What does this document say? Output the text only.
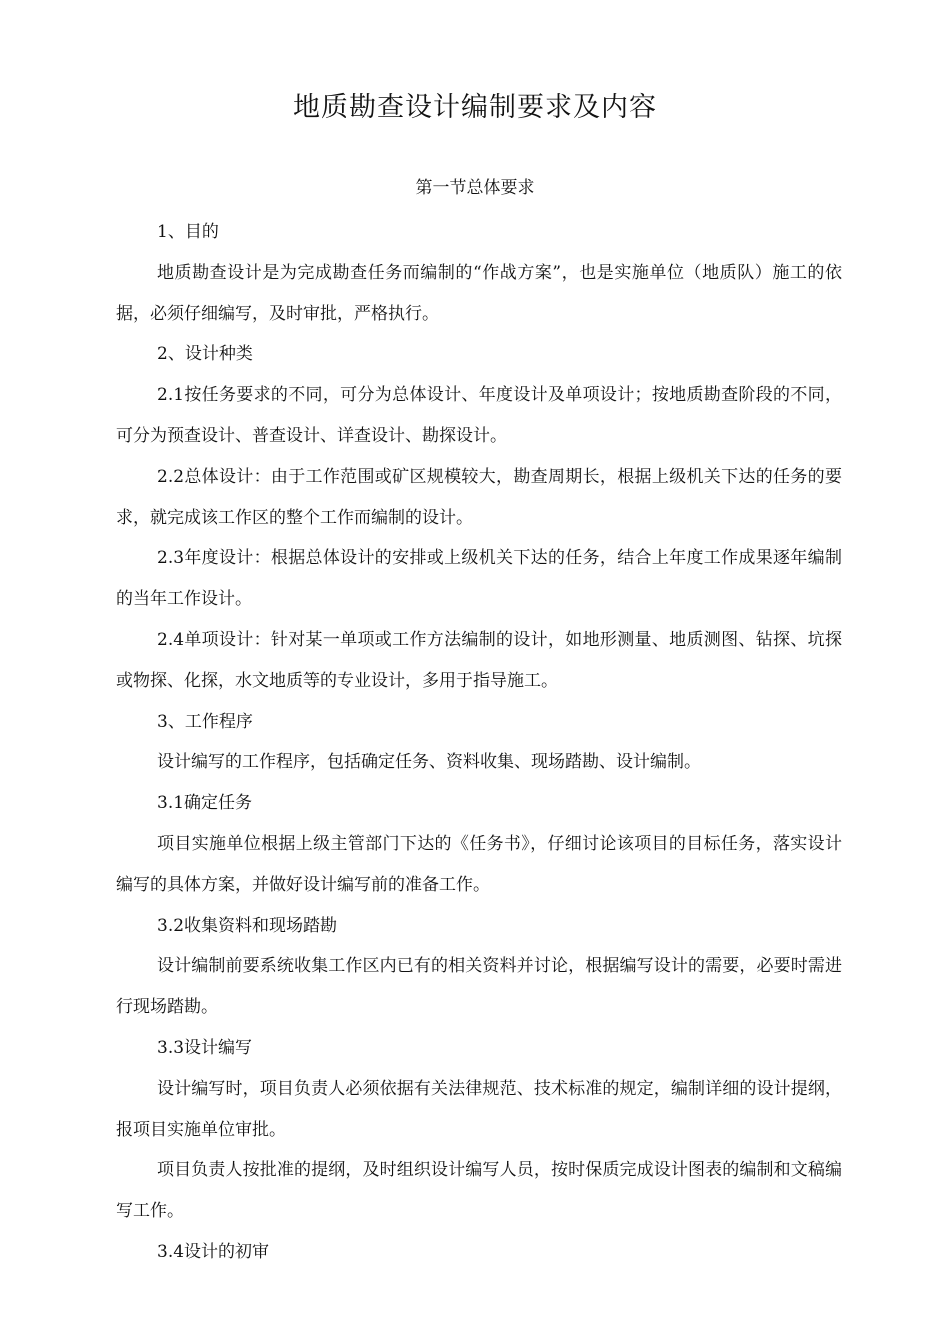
地质勘查设计编制要求及内容
第一节总体要求

1、目的

地质勘查设计是为完成勘查任务而编制的“作战方案”，也是实施单位（地质队）施工的依据，必须仔细编写，及时审批，严格执行。

2、设计种类

2.1按任务要求的不同，可分为总体设计、年度设计及单项设计；按地质勘查阶段的不同，可分为预查设计、普查设计、详查设计、勘探设计。

2.2总体设计：由于工作范围或矿区规模较大，勘查周期长，根据上级机关下达的任务的要求，就完成该工作区的整个工作而编制的设计。

2.3年度设计：根据总体设计的安排或上级机关下达的任务，结合上年度工作成果逐年编制的当年工作设计。

2.4单项设计：针对某一单项或工作方法编制的设计，如地形测量、地质测图、钻探、坑探或物探、化探，水文地质等的专业设计，多用于指导施工。

3、工作程序

设计编写的工作程序，包括确定任务、资料收集、现场踏勘、设计编制。

3.1确定任务

项目实施单位根据上级主管部门下达的《任务书》，仔细讨论该项目的目标任务，落实设计编写的具体方案，并做好设计编写前的准备工作。

3.2收集资料和现场踏勘

设计编制前要系统收集工作区内已有的相关资料并讨论，根据编写设计的需要，必要时需进行现场踏勘。

3.3设计编写

设计编写时，项目负责人必须依据有关法律规范、技术标准的规定，编制详细的设计提纲，报项目实施单位审批。

项目负责人按批准的提纲，及时组织设计编写人员，按时保质完成设计图表的编制和文稿编写工作。

3.4设计的初审
